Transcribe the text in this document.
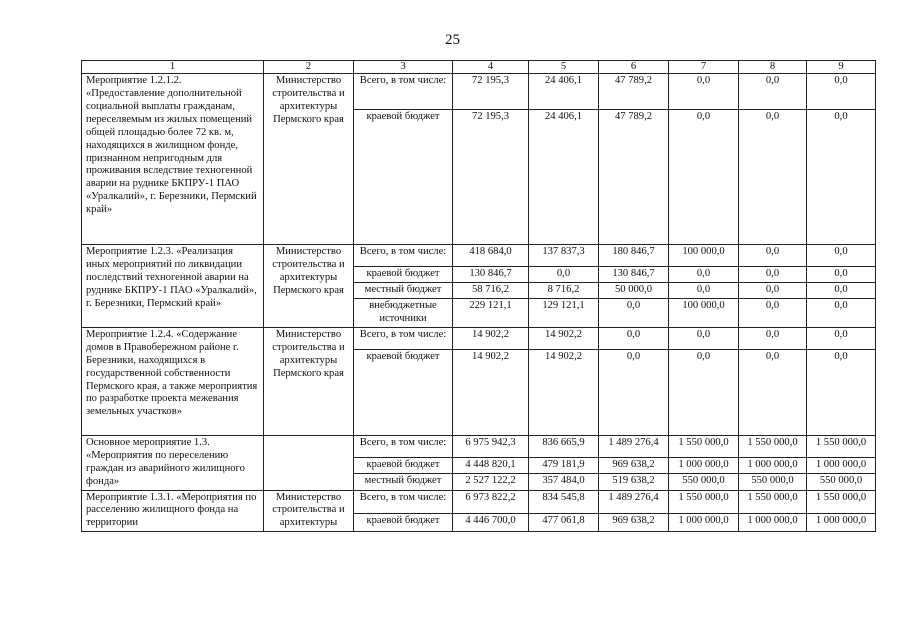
25
1	2	3	4	5	6	7	8	9
Мероприятие 1.2.1.2. «Предоставление дополнительной социальной выплаты гражданам, переселяемым из жилых помещений общей площадью более 72 кв. м, находящихся в жилищном фонде, признанном непригодным для проживания вследствие техногенной аварии на руднике БКПРУ-1 ПАО «Уралкалий», г. Березники, Пермский край»	Министерство строительства и архитектуры Пермского края	Всего, в том числе:	72 195,3	24 406,1	47 789,2	0,0	0,0	0,0
		краевой бюджет	72 195,3	24 406,1	47 789,2	0,0	0,0	0,0
Мероприятие 1.2.3. «Реализация иных мероприятий по ликвидации последствий техногенной аварии на руднике БКПРУ-1 ПАО «Уралкалий», г. Березники, Пермский край»	Министерство строительства и архитектуры Пермского края	Всего, в том числе:	418 684,0	137 837,3	180 846,7	100 000,0	0,0	0,0
		краевой бюджет	130 846,7	0,0	130 846,7	0,0	0,0	0,0
		местный бюджет	58 716,2	8 716,2	50 000,0	0,0	0,0	0,0
		внебюджетные источники	229 121,1	129 121,1	0,0	100 000,0	0,0	0,0
Мероприятие 1.2.4. «Содержание домов в Правобережном районе г. Березники, находящихся в государственной собственности Пермского края, а также мероприятия по разработке проекта межевания земельных участков»	Министерство строительства и архитектуры Пермского края	Всего, в том числе:	14 902,2	14 902,2	0,0	0,0	0,0	0,0
		краевой бюджет	14 902,2	14 902,2	0,0	0,0	0,0	0,0
Основное мероприятие 1.3. «Мероприятия по переселению граждан из аварийного жилищного фонда»		Всего, в том числе:	6 975 942,3	836 665,9	1 489 276,4	1 550 000,0	1 550 000,0	1 550 000,0
		краевой бюджет	4 448 820,1	479 181,9	969 638,2	1 000 000,0	1 000 000,0	1 000 000,0
		местный бюджет	2 527 122,2	357 484,0	519 638,2	550 000,0	550 000,0	550 000,0
Мероприятие 1.3.1. «Мероприятия по расселению жилищного фонда на территории	Министерство строительства и архитектуры	Всего, в том числе:	6 973 822,2	834 545,8	1 489 276,4	1 550 000,0	1 550 000,0	1 550 000,0
		краевой бюджет	4 446 700,0	477 061,8	969 638,2	1 000 000,0	1 000 000,0	1 000 000,0
